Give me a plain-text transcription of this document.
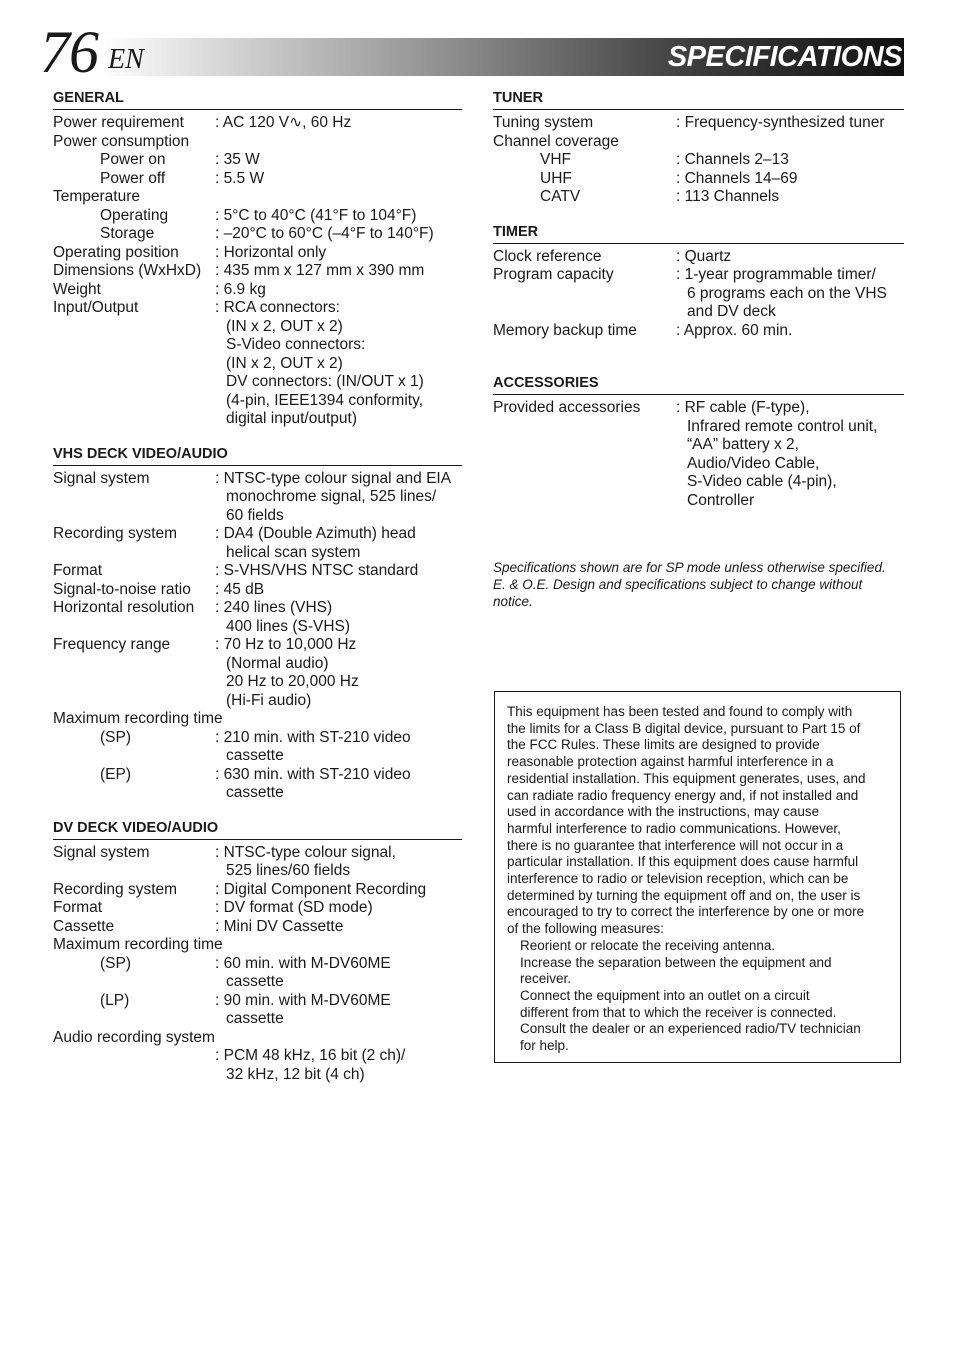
76 EN	SPECIFICATIONS
GENERAL
Power requirement	: AC 120 V∿, 60 Hz
Power consumption
Power on	: 35 W
Power off	: 5.5 W
Temperature
Operating	: 5°C to 40°C (41°F to 104°F)
Storage	: –20°C to 60°C (–4°F to 140°F)
Operating position	: Horizontal only
Dimensions (WxHxD) : 435 mm x 127 mm x 390 mm
Weight	: 6.9 kg
Input/Output	: RCA connectors:
(IN x 2, OUT x 2)
S-Video connectors:
(IN x 2, OUT x 2)
DV connectors: (IN/OUT x 1)
(4-pin, IEEE1394 conformity,
digital input/output)
VHS DECK VIDEO/AUDIO
Signal system	: NTSC-type colour signal and EIA
monochrome signal, 525 lines/
60 fields
Recording system	: DA4 (Double Azimuth) head
helical scan system
Format	: S-VHS/VHS NTSC standard
Signal-to-noise ratio	: 45 dB
Horizontal resolution	: 240 lines (VHS)
400 lines (S-VHS)
Frequency range	: 70 Hz to 10,000 Hz
(Normal audio)
20 Hz to 20,000 Hz
(Hi-Fi audio)
Maximum recording time
(SP)	: 210 min. with ST-210 video
cassette
(EP)	: 630 min. with ST-210 video
cassette
DV DECK VIDEO/AUDIO
Signal system	: NTSC-type colour signal,
525 lines/60 fields
Recording system	: Digital Component Recording
Format	: DV format (SD mode)
Cassette	: Mini DV Cassette
Maximum recording time
(SP)	: 60 min. with M-DV60ME
cassette
(LP)	: 90 min. with M-DV60ME
cassette
Audio recording system
: PCM 48 kHz, 16 bit (2 ch)/
32 kHz, 12 bit (4 ch)
TUNER
Tuning system	: Frequency-synthesized tuner
Channel coverage
VHF	: Channels 2–13
UHF	: Channels 14–69
CATV	: 113 Channels
TIMER
Clock reference	: Quartz
Program capacity	: 1-year programmable timer/
6 programs each on the VHS
and DV deck
Memory backup time	: Approx. 60 min.
ACCESSORIES
Provided accessories	: RF cable (F-type),
Infrared remote control unit,
“AA” battery x 2,
Audio/Video Cable,
S-Video cable (4-pin),
Controller
Specifications shown are for SP mode unless otherwise specified.
E. & O.E. Design and specifications subject to change without
notice.
This equipment has been tested and found to comply with
the limits for a Class B digital device, pursuant to Part 15 of
the FCC Rules. These limits are designed to provide
reasonable protection against harmful interference in a
residential installation. This equipment generates, uses, and
can radiate radio frequency energy and, if not installed and
used in accordance with the instructions, may cause
harmful interference to radio communications. However,
there is no guarantee that interference will not occur in a
particular installation. If this equipment does cause harmful
interference to radio or television reception, which can be
determined by turning the equipment off and on, the user is
encouraged to try to correct the interference by one or more
of the following measures:
Reorient or relocate the receiving antenna.
Increase the separation between the equipment and
receiver.
Connect the equipment into an outlet on a circuit
different from that to which the receiver is connected.
Consult the dealer or an experienced radio/TV technician
for help.
